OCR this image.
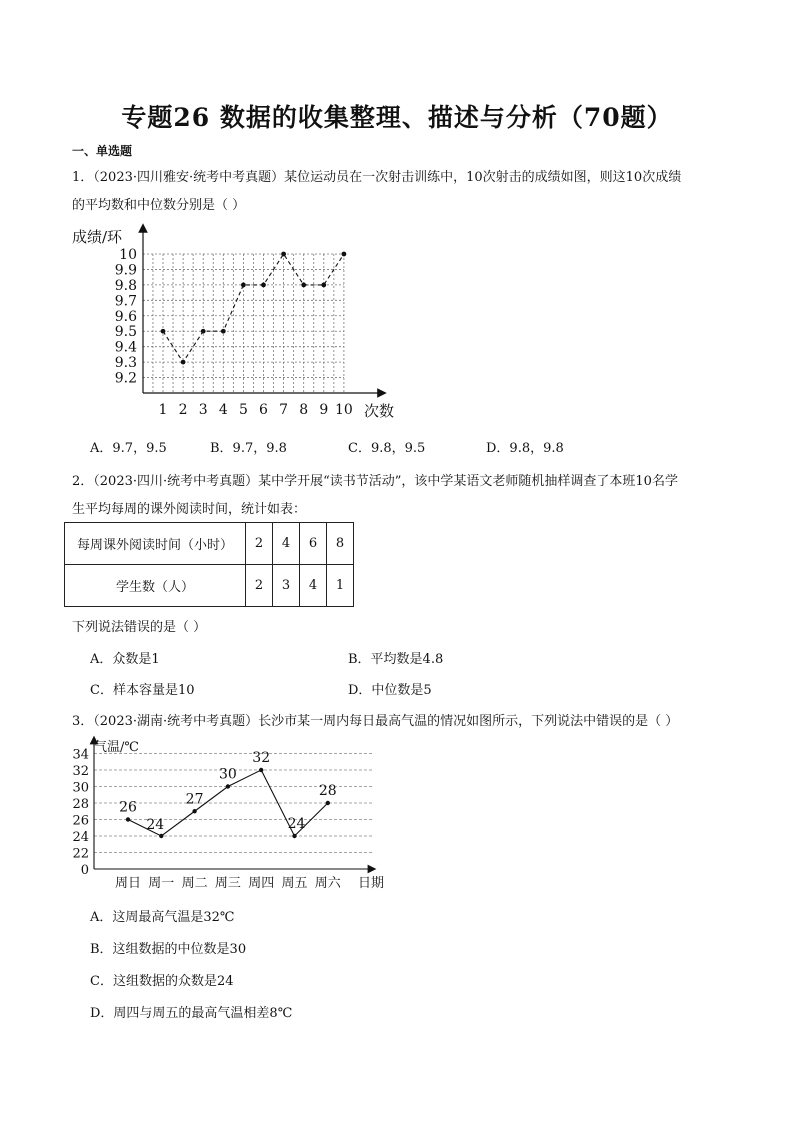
专题26 数据的收集整理、描述与分析（70题）
一、单选题
1．（2023·四川雅安·统考中考真题）某位运动员在一次射击训练中，10次射击的成绩如图，则这10次成绩
的平均数和中位数分别是（ ）
成绩/环
次数
9.2
9.3
9.4
9.5
9.6
9.7
9.8
9.9
10
1 2 3 4 5 6 7 8 9 10
A．9.7，9.5	B．9.7，9.8	C．9.8，9.5	D．9.8，9.8
2．（2023·四川·统考中考真题）某中学开展“读书节活动”，该中学某语文老师随机抽样调查了本班10名学
生平均每周的课外阅读时间，统计如表：
每周课外阅读时间（小时）	2	4	6	8
学生数（人）	2	3	4	1
下列说法错误的是（ ）
A．众数是1	B．平均数是4.8
C．样本容量是10	D．中位数是5
3．（2023·湖南·统考中考真题）长沙市某一周内每日最高气温的情况如图所示，下列说法中错误的是（ ）
气温/℃
日期
0
22
24
26
28
30
32
34
周日 周一 周二 周三 周四 周五 周六
26
24
27
30
32
24
28
A．这周最高气温是32℃
B．这组数据的中位数是30
C．这组数据的众数是24
D．周四与周五的最高气温相差8℃
